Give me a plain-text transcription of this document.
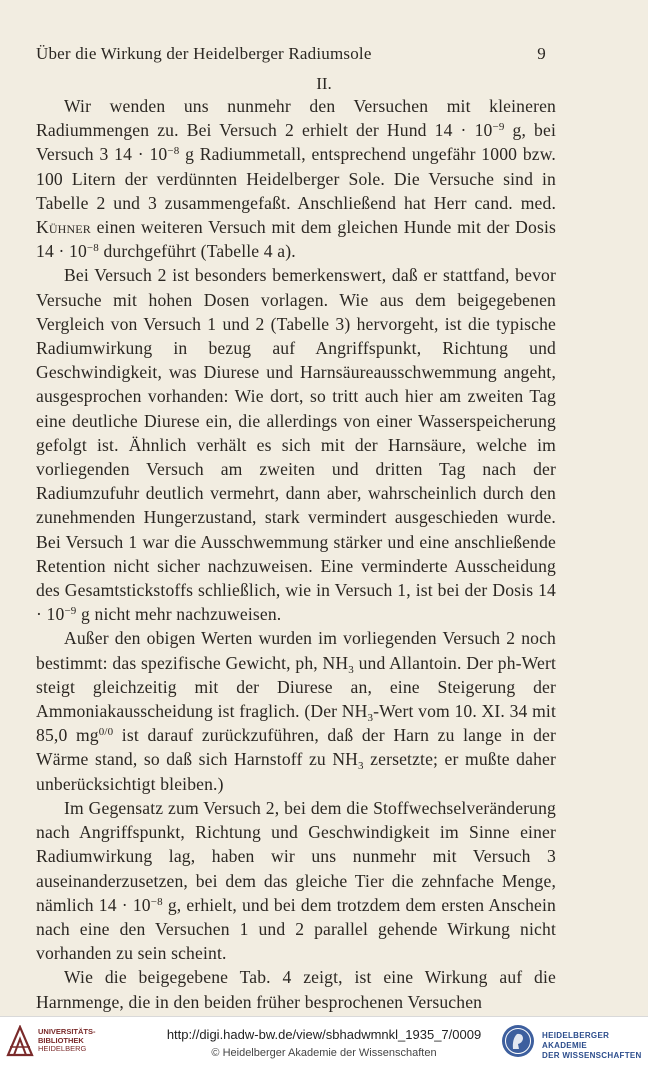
Über die Wirkung der Heidelberger Radiumsole	9
II.

Wir wenden uns nunmehr den Versuchen mit kleineren Radiummengen zu. Bei Versuch 2 erhielt der Hund $14 \cdot 10^{-9}$ g, bei Versuch 3 $14 \cdot 10^{-8}$ g Radiummetall, entsprechend ungefähr 1000 bzw. 100 Litern der verdünnten Heidelberger Sole. Die Versuche sind in Tabelle 2 und 3 zusammengefaßt. Anschließend hat Herr cand. med. Kühner einen weiteren Versuch mit dem gleichen Hunde mit der Dosis $14 \cdot 10^{-8}$ durchgeführt (Tabelle 4 a).

Bei Versuch 2 ist besonders bemerkenswert, daß er stattfand, bevor Versuche mit hohen Dosen vorlagen. Wie aus dem beigegebenen Vergleich von Versuch 1 und 2 (Tabelle 3) hervorgeht, ist die typische Radiumwirkung in bezug auf Angriffspunkt, Richtung und Geschwindigkeit, was Diurese und Harnsäureausschwemmung angeht, ausgesprochen vorhanden: Wie dort, so tritt auch hier am zweiten Tag eine deutliche Diurese ein, die allerdings von einer Wasserspeicherung gefolgt ist. Ähnlich verhält es sich mit der Harnsäure, welche im vorliegenden Versuch am zweiten und dritten Tag nach der Radiumzufuhr deutlich vermehrt, dann aber, wahrscheinlich durch den zunehmenden Hungerzustand, stark vermindert ausgeschieden wurde. Bei Versuch 1 war die Ausschwemmung stärker und eine anschließende Retention nicht sicher nachzuweisen. Eine verminderte Ausscheidung des Gesamtstickstoffs schließlich, wie in Versuch 1, ist bei der Dosis $14 \cdot 10^{-9}$ g nicht mehr nachzuweisen.

Außer den obigen Werten wurden im vorliegenden Versuch 2 noch bestimmt: das spezifische Gewicht, ph, $NH_3$ und Allantoin. Der ph-Wert steigt gleichzeitig mit der Diurese an, eine Steigerung der Ammoniakausscheidung ist fraglich. (Der $NH_3$-Wert vom 10. XI. 34 mit 85,0 $mg^{0/0}$ ist darauf zurückzuführen, daß der Harn zu lange in der Wärme stand, so daß sich Harnstoff zu $NH_3$ zersetzte; er mußte daher unberücksichtigt bleiben.)

Im Gegensatz zum Versuch 2, bei dem die Stoffwechselveränderung nach Angriffspunkt, Richtung und Geschwindigkeit im Sinne einer Radiumwirkung lag, haben wir uns nunmehr mit Versuch 3 auseinanderzusetzen, bei dem das gleiche Tier die zehnfache Menge, nämlich $14 \cdot 10^{-8}$ g, erhielt, und bei dem trotzdem dem ersten Anschein nach eine den Versuchen 1 und 2 parallel gehende Wirkung nicht vorhanden zu sein scheint.

Wie die beigegebene Tab. 4 zeigt, ist eine Wirkung auf die Harnmenge, die in den beiden früher besprochenen Versuchen

UNIVERSITÄTS-
BIBLIOTHEK
HEIDELBERG
http://digi.hadw-bw.de/view/sbhadwmnkl_1935_7/0009
© Heidelberger Akademie der Wissenschaften
HEIDELBERGER AKADEMIE
DER WISSENSCHAFTEN
